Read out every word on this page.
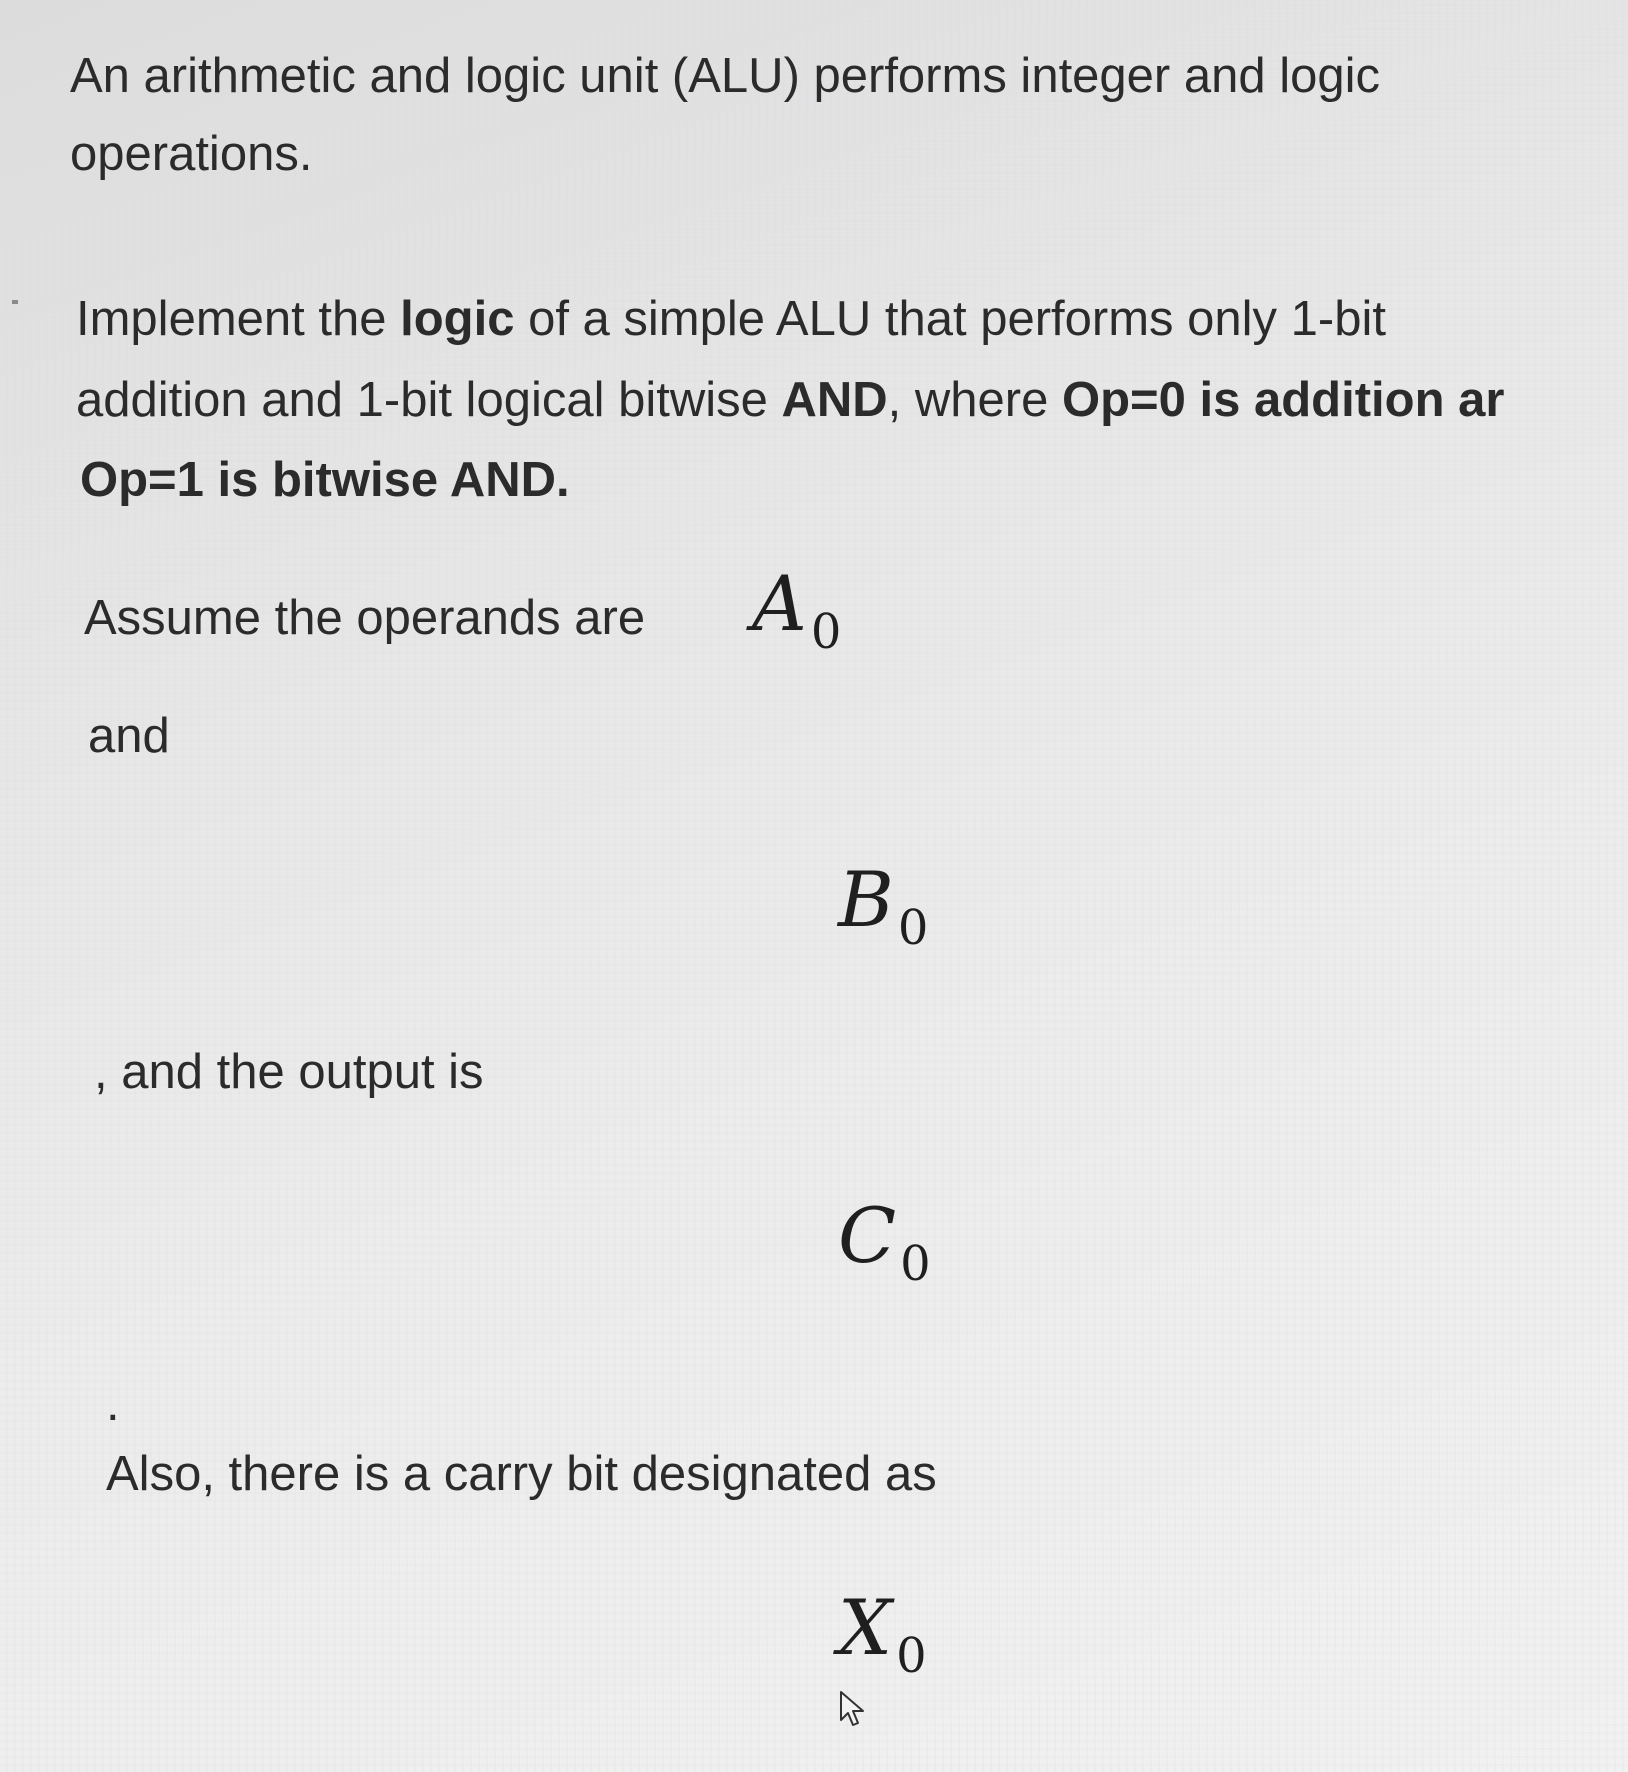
An arithmetic and logic unit (ALU) performs integer and logic
operations.
Implement the logic of a simple ALU that performs only 1-bit
addition and 1-bit logical bitwise AND, where Op=0 is addition ar
Op=1 is bitwise AND.
Assume the operands are $A_0$
and
$B_0$
, and the output is
$C_0$
.
Also, there is a carry bit designated as
$X_0$
